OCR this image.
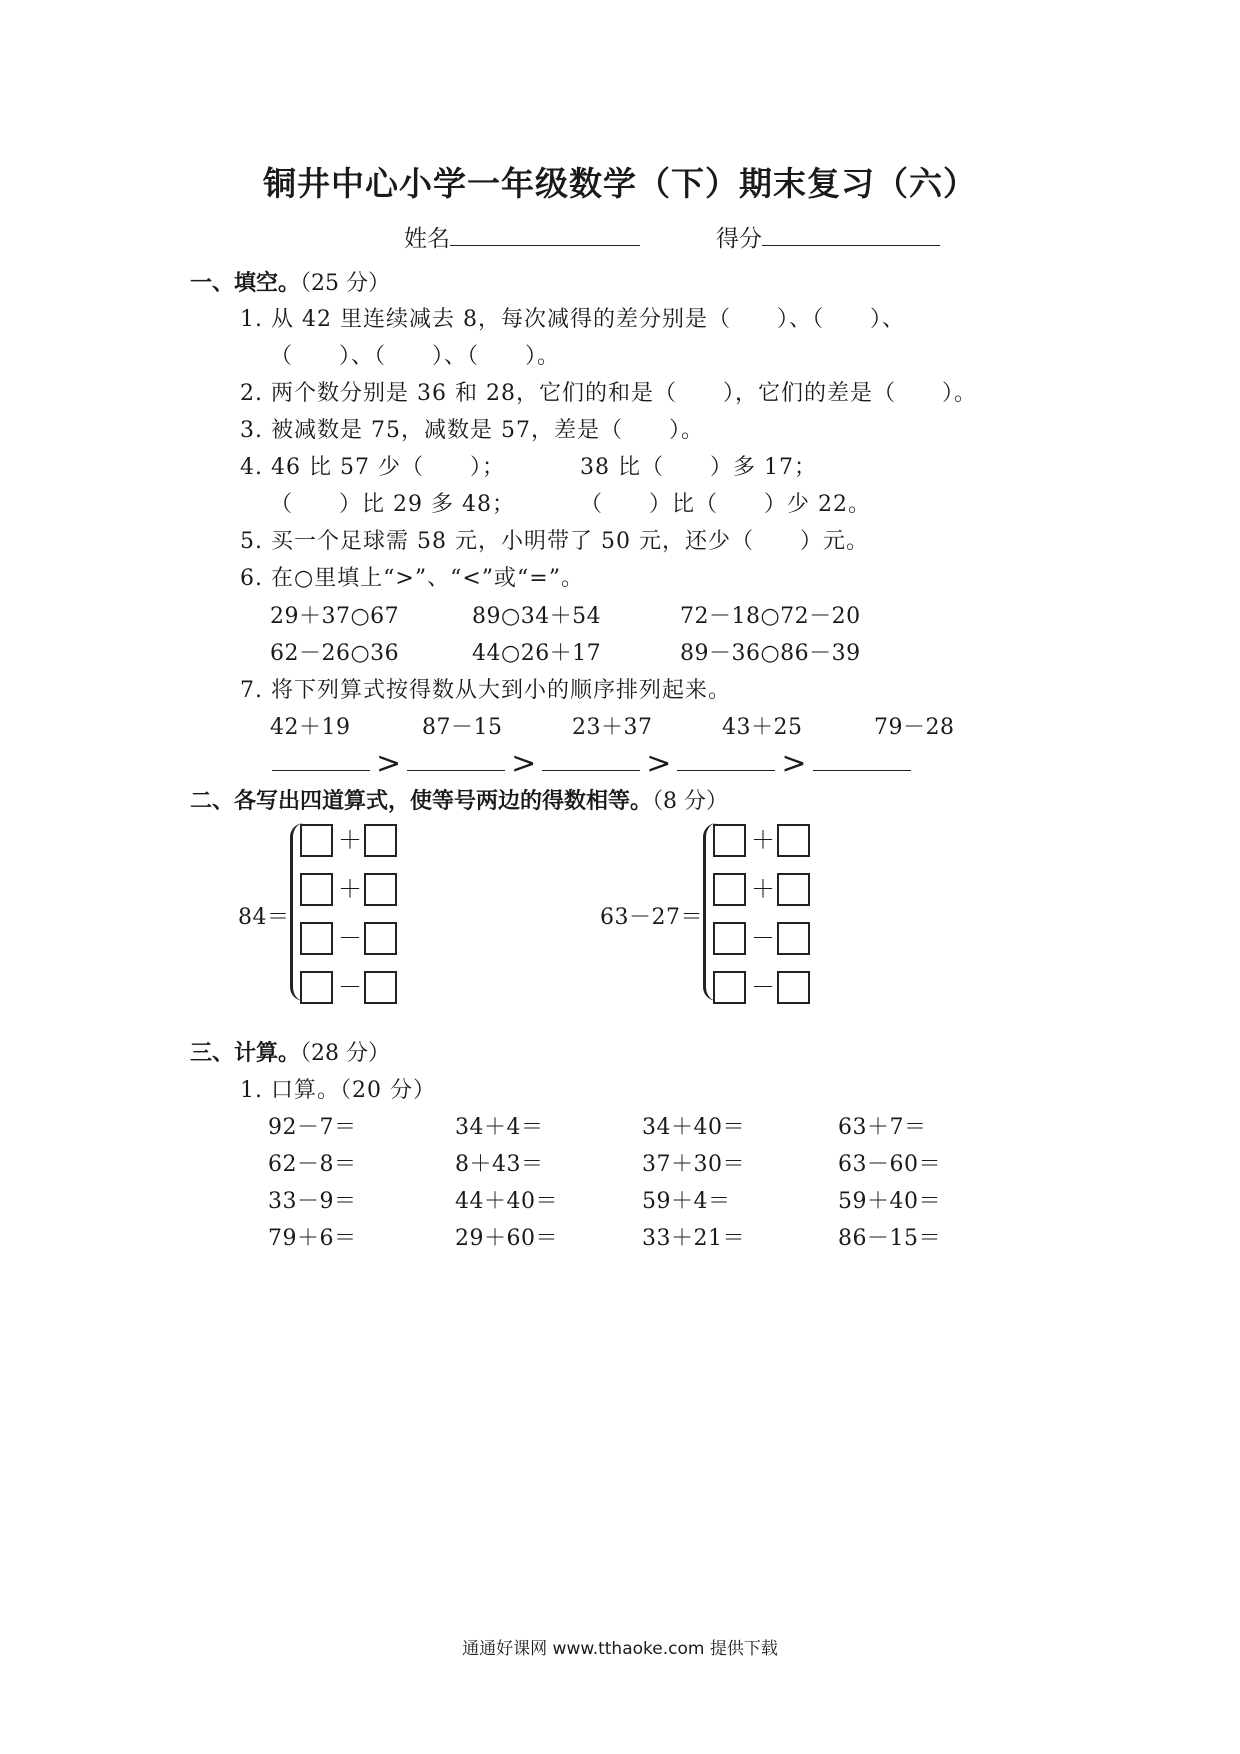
铜井中心小学一年级数学（下）期末复习（六）
姓名	得分
一、填空。（25 分）
1. 从 42 里连续减去 8，每次减得的差分别是（　　）、（　　）、
（　　）、（　　）、（　　）。
2. 两个数分别是 36 和 28，它们的和是（　　），它们的差是（　　）。
3. 被减数是 75，减数是 57，差是（　　）。
4. 46 比 57 少（　　）；	38 比（　　）多 17；
（　　）比 29 多 48；	（　　）比（　　）少 22。
5. 买一个足球需 58 元，小明带了 50 元，还少（　　）元。
6. 在○里填上“>”、“<”或“=”。
29＋37○67	89○34＋54	72－18○72－20
62－26○36	44○26＋17	89－36○86－39
7. 将下列算式按得数从大到小的顺序排列起来。
42＋19	87－15	23＋37	43＋25	79－28
>	>	>	>
二、各写出四道算式，使等号两边的得数相等。（8 分）
84＝
＋
＋
－
－
63－27＝
＋
＋
－
－
三、计算。（28 分）
1. 口算。（20 分）
92－7＝	34＋4＝	34＋40＝	63＋7＝
62－8＝	8＋43＝	37＋30＝	63－60＝
33－9＝	44＋40＝	59＋4＝	59＋40＝
79＋6＝	29＋60＝	33＋21＝	86－15＝
通通好课网 www.tthaoke.com 提供下载
